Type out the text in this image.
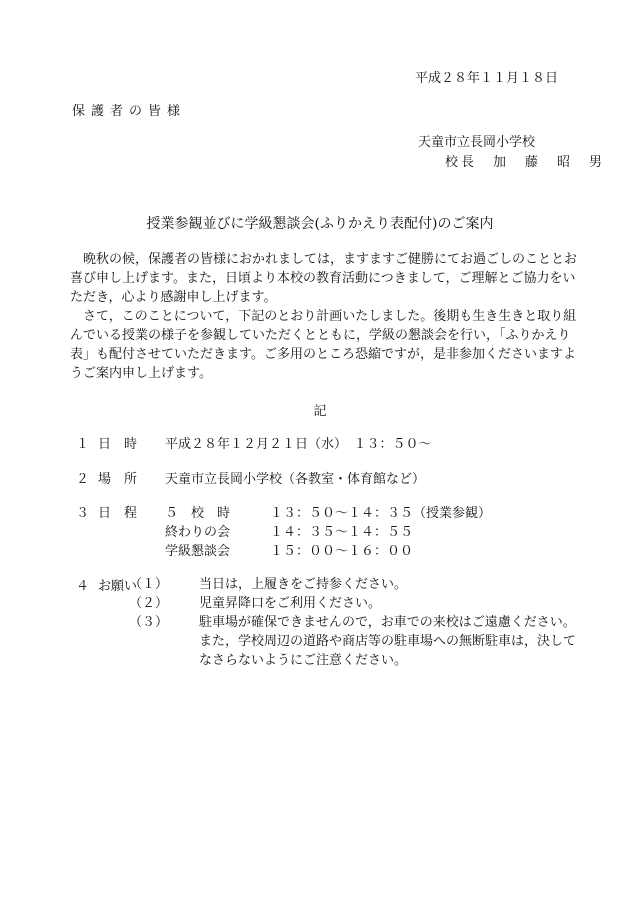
平成２８年１１月１８日
保護者の皆様
天童市立長岡小学校
校長　加　藤　昭　男
授業参観並びに学級懇談会(ふりかえり表配付)のご案内

晩秋の候，保護者の皆様におかれましては，ますますご健勝にてお過ごしのこととお喜び申し上げます。また，日頃より本校の教育活動につきまして，ご理解とご協力をいただき，心より感謝申し上げます。

さて，このことについて，下記のとおり計画いたしました。後期も生き生きと取り組んでいる授業の様子を参観していただくとともに，学級の懇談会を行い，「ふりかえり表」も配付させていただきます。ご多用のところ恐縮ですが，是非参加くださいますようご案内申し上げます。

記
１ 日　時 平成２８年１２月２１日（水）　１３：５０～
２ 場　所 天童市立長岡小学校（各教室・体育館など）
３ 日　程 ５　校　時	１３：５０～１４：３５（授業参観）
終わりの会	１４：３５～１４：５５
学級懇談会	１５：００～１６：００
４ お願い
（１） 当日は，上履きをご持参ください。
（２） 児童昇降口をご利用ください。
（３） 駐車場が確保できませんので，お車での来校はご遠慮ください。また，学校周辺の道路や商店等の駐車場への無断駐車は，決してなさらないようにご注意ください。
